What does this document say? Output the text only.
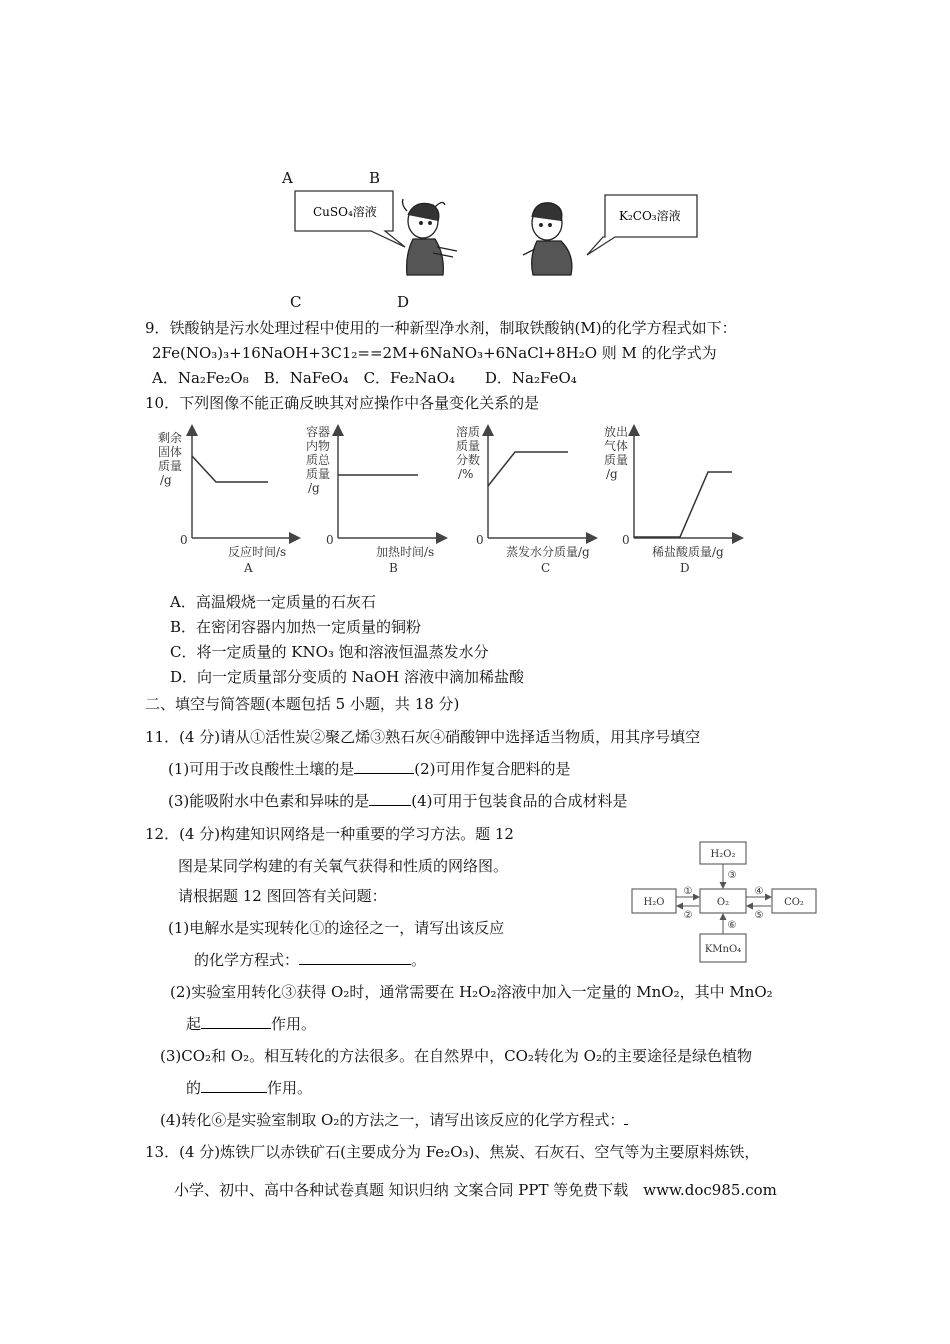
A	B
C	D
CuSO₄溶液	K₂CO₃溶液
9．铁酸钠是污水处理过程中使用的一种新型净水剂，制取铁酸钠(M)的化学方程式如下：
2Fe(NO₃)₃+16NaOH+3C1₂==2M+6NaNO₃+6NaCl+8H₂O 则 M 的化学式为
A．Na₂Fe₂O₈　B．NaFeO₄　C．Fe₂NaO₄　　D．Na₂FeO₄
10．下列图像不能正确反映其对应操作中各量变化关系的是
剩余
固体
质量
/g
0
反应时间/s
A
容器
内物
质总
质量
/g
0
加热时间/s
B
溶质
质量
分数
/%
0
蒸发水分质量/g
C
放出
气体
质量
/g
0
稀盐酸质量/g
D
A．高温煅烧一定质量的石灰石
B．在密闭容器内加热一定质量的铜粉
C．将一定质量的 KNO₃ 饱和溶液恒温蒸发水分
D．向一定质量部分变质的 NaOH 溶液中滴加稀盐酸
二、填空与简答题(本题包括 5 小题，共 18 分)
11．(4 分)请从①活性炭②聚乙烯③熟石灰④硝酸钾中选择适当物质，用其序号填空
(1)可用于改良酸性土壤的是	(2)可用作复合肥料的是
(3)能吸附水中色素和异味的是	(4)可用于包装食品的合成材料是
12．(4 分)构建知识网络是一种重要的学习方法。题 12
图是某同学构建的有关氧气获得和性质的网络图。
请根据题 12 图回答有关问题：
(1)电解水是实现转化①的途径之一，请写出该反应
的化学方程式：	。
(2)实验室用转化③获得 O₂时，通常需要在 H₂O₂溶液中加入一定量的 MnO₂，其中 MnO₂
起	作用。
(3)CO₂和 O₂。相互转化的方法很多。在自然界中，CO₂转化为 O₂的主要途径是绿色植物
的	作用。
(4)转化⑥是实验室制取 O₂的方法之一，请写出该反应的化学方程式：
H₂O₂
H₂O	O₂	CO₂
KMnO₄
①
②
③
④
⑤
⑥
13．(4 分)炼铁厂以赤铁矿石(主要成分为 Fe₂O₃)、焦炭、石灰石、空气等为主要原料炼铁，
小学、初中、高中各种试卷真题 知识归纳 文案合同 PPT 等免费下载　www.doc985.com
